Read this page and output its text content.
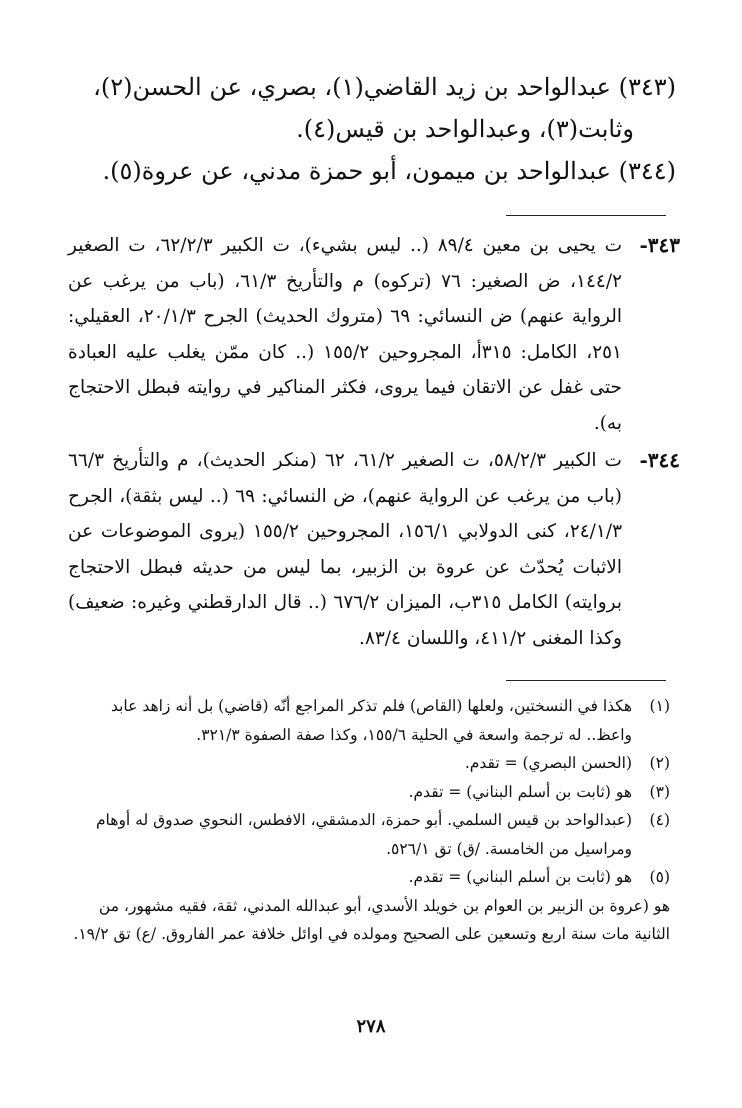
(٣٤٣) عبدالواحد بن زيد القاضي(١)، بصري، عن الحسن(٢)،
وثابت(٣)، وعبدالواحد بن قيس(٤).

(٣٤٤) عبدالواحد بن ميمون، أبو حمزة مدني، عن عروة(٥).

٣٤٣-
ت يحيى بن معين ٨٩/٤ (.. ليس بشيء)، ت الكبير ٦٢/٢/٣، ت الصغير ١٤٤/٢، ض الصغير: ٧٦ (تركوه) م والتأريخ ٦١/٣، (باب من يرغب عن الرواية عنهم) ض النسائي: ٦٩ (متروك الحديث) الجرح ٢٠/١/٣، العقيلي: ٢٥١، الكامل: ٣١٥أ، المجروحين ١٥٥/٢ (.. كان ممّن يغلب عليه العبادة حتى غفل عن الاتقان فيما يروى، فكثر المناكير في روايته فبطل الاحتجاج به).
٣٤٤-
ت الكبير ٥٨/٢/٣، ت الصغير ٦١/٢، ٦٢ (منكر الحديث)، م والتأريخ ٦٦/٣ (باب من يرغب عن الرواية عنهم)، ض النسائي: ٦٩ (.. ليس بثقة)، الجرح ٢٤/١/٣، كنى الدولابي ١٥٦/١، المجروحين ١٥٥/٢ (يروى الموضوعات عن الاثبات يُحدّث عن عروة بن الزبير، بما ليس من حديثه فبطل الاحتجاج بروايته) الكامل ٣١٥ب، الميزان ٦٧٦/٢ (.. قال الدارقطني وغيره: ضعيف) وكذا المغنى ٤١١/٢، واللسان ٨٣/٤.
(١)
هكذا في النسختين، ولعلها (القاص) فلم تذكر المراجع أنّه (قاضي) بل أنه زاهد عابد واعظ.. له ترجمة واسعة في الحلية ١٥٥/٦، وكذا صفة الصفوة ٣٢١/٣.
(٢)
(الحسن البصري) = تقدم.
(٣)
هو (ثابت بن أسلم البناني) = تقدم.
(٤)
(عبدالواحد بن قيس السلمي. أبو حمزة، الدمشقي، الافطس، النحوي صدوق له أوهام ومراسيل من الخامسة. /ق) تق ٥٢٦/١.
(٥)
هو (ثابت بن أسلم البناني) = تقدم.
هو (عروة بن الزبير بن العوام بن خويلد الأسدي، أبو عبدالله المدني، ثقة، فقيه مشهور، من الثانية مات سنة اربع وتسعين على الصحيح ومولده في اوائل خلافة عمر الفاروق. /ع) تق ١٩/٢.
٢٧٨
